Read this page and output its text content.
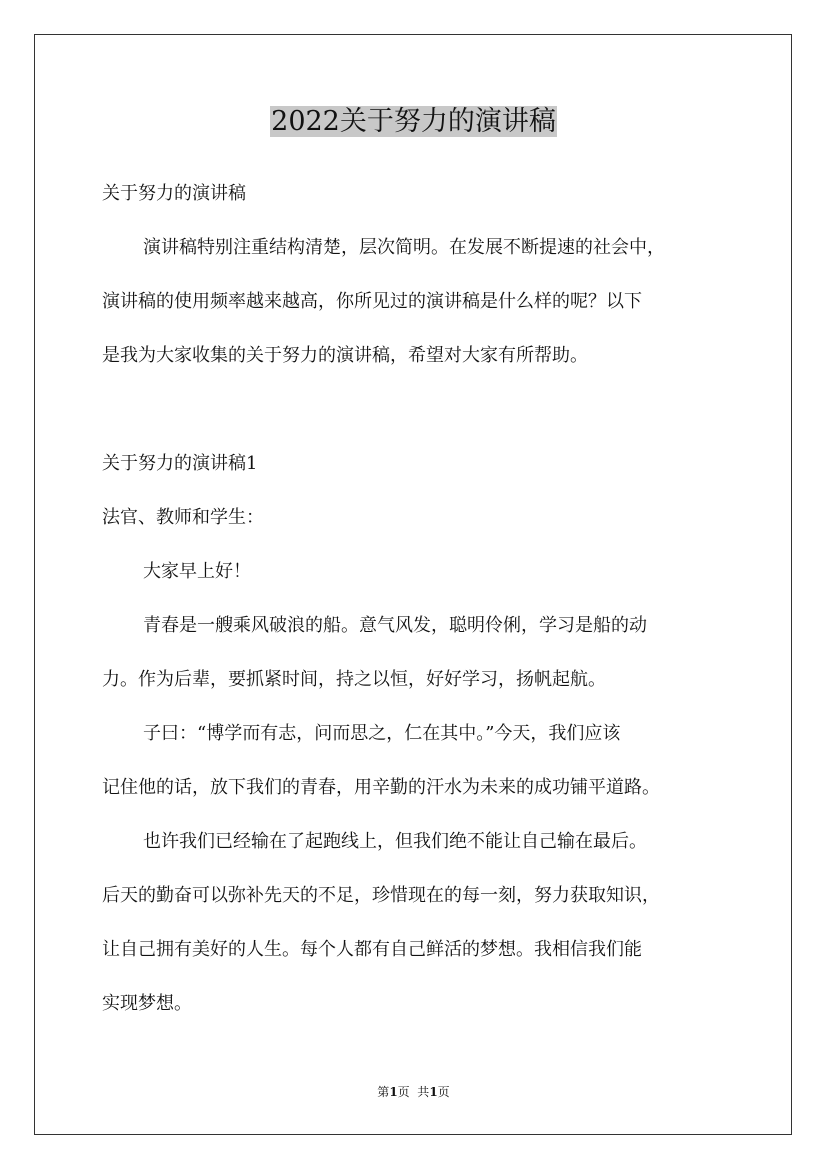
2022关于努力的演讲稿

关于努力的演讲稿

演讲稿特别注重结构清楚，层次简明。在发展不断提速的社会中，

演讲稿的使用频率越来越高，你所见过的演讲稿是什么样的呢？以下

是我为大家收集的关于努力的演讲稿，希望对大家有所帮助。

关于努力的演讲稿1

法官、教师和学生：

大家早上好！

青春是一艘乘风破浪的船。意气风发，聪明伶俐，学习是船的动

力。作为后辈，要抓紧时间，持之以恒，好好学习，扬帆起航。

子曰：“博学而有志，问而思之，仁在其中。”今天，我们应该

记住他的话，放下我们的青春，用辛勤的汗水为未来的成功铺平道路。

也许我们已经输在了起跑线上，但我们绝不能让自己输在最后。

后天的勤奋可以弥补先天的不足，珍惜现在的每一刻，努力获取知识，

让自己拥有美好的人生。每个人都有自己鲜活的梦想。我相信我们能

实现梦想。

第1页  共1页
